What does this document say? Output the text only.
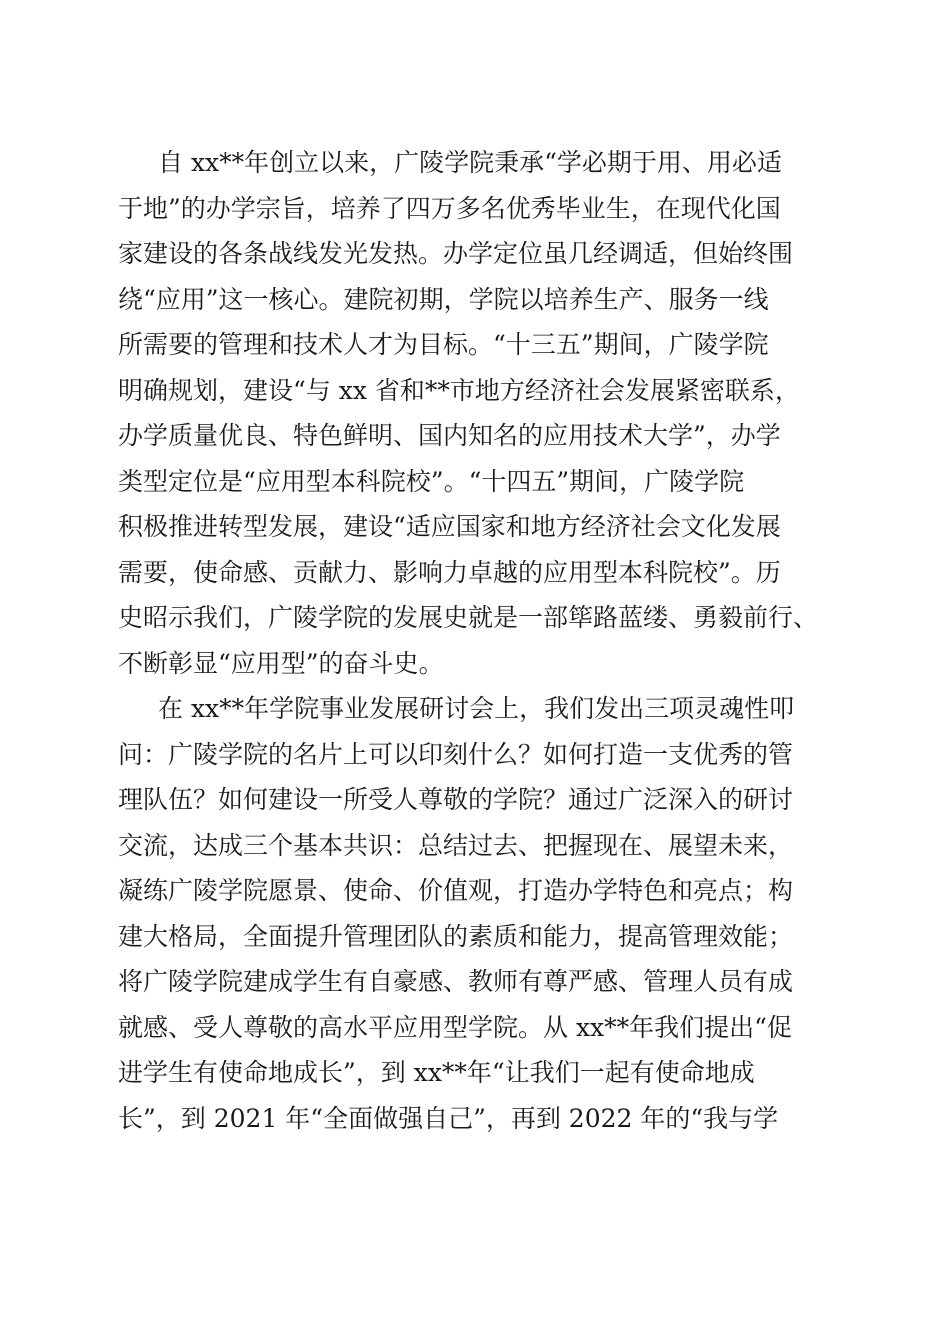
自 xx**年创立以来，广陵学院秉承“学必期于用、用必适
于地”的办学宗旨，培养了四万多名优秀毕业生，在现代化国
家建设的各条战线发光发热。办学定位虽几经调适，但始终围
绕“应用”这一核心。建院初期，学院以培养生产、服务一线
所需要的管理和技术人才为目标。“十三五”期间，广陵学院
明确规划，建设“与 xx 省和**市地方经济社会发展紧密联系，
办学质量优良、特色鲜明、国内知名的应用技术大学”，办学
类型定位是“应用型本科院校”。“十四五”期间，广陵学院
积极推进转型发展，建设“适应国家和地方经济社会文化发展
需要，使命感、贡献力、影响力卓越的应用型本科院校”。历
史昭示我们，广陵学院的发展史就是一部筚路蓝缕、勇毅前行、
不断彰显“应用型”的奋斗史。
在 xx**年学院事业发展研讨会上，我们发出三项灵魂性叩
问：广陵学院的名片上可以印刻什么？如何打造一支优秀的管
理队伍？如何建设一所受人尊敬的学院？通过广泛深入的研讨
交流，达成三个基本共识：总结过去、把握现在、展望未来，
凝练广陵学院愿景、使命、价值观，打造办学特色和亮点；构
建大格局，全面提升管理团队的素质和能力，提高管理效能；
将广陵学院建成学生有自豪感、教师有尊严感、管理人员有成
就感、受人尊敬的高水平应用型学院。从 xx**年我们提出“促
进学生有使命地成长”，到 xx**年“让我们一起有使命地成
长”，到 2021 年“全面做强自己”，再到 2022 年的“我与学
